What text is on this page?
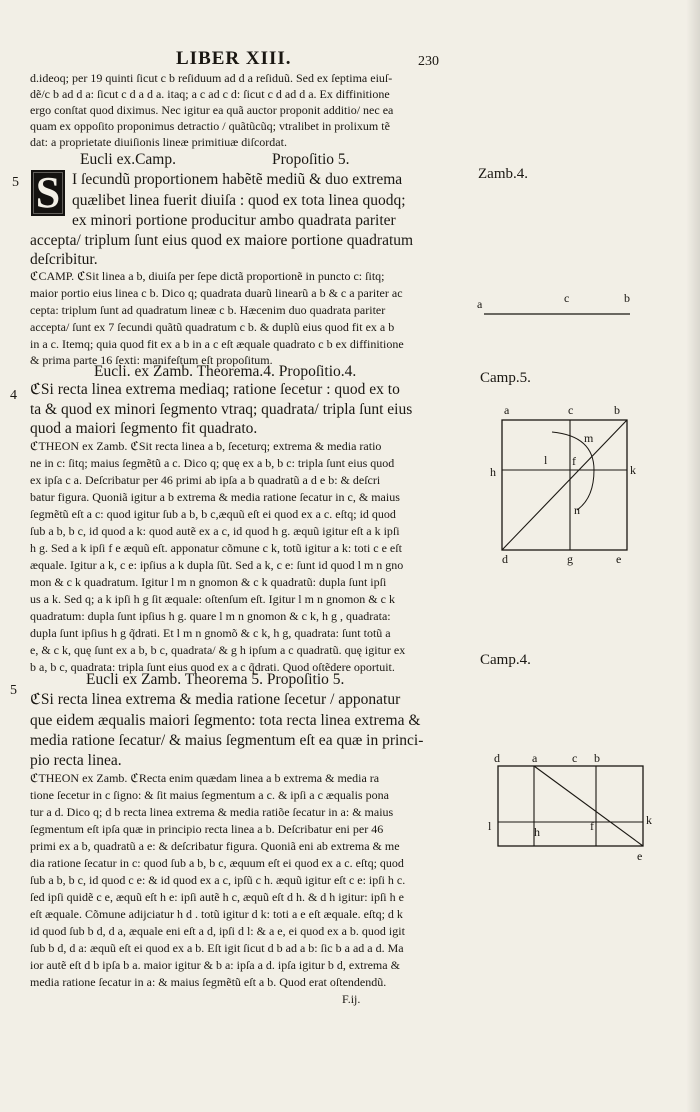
LIBER XIII.	230
d.ideoq; per 19 quinti ſicut c b reſiduum ad d a reſiduũ. Sed ex ſeptima eiuſ-
dẽ/c b ad d a: ſicut c d a d a. itaq; a c ad c d: ſicut c d ad d a. Ex diffinitione
ergo conſtat quod diximus. Nec igitur ea quã auctor proponit additio/ nec ea
quam ex oppoſito proponimus detractio / quãtũcũq; vtralibet in prolixum tẽ
dat: a proprietate diuiſionis lineæ primitiuæ diſcordat.
Eucli ex.Camp.	Propoſitio 5.
5 S I ſecundũ proportionem habẽtẽ mediũ & duo extrema
quælibet linea fuerit diuiſa : quod ex tota linea quodq;
ex minori portione producitur ambo quadrata pariter
accepta/ triplum ſunt eius quod ex maiore portione quadratum
deſcribitur.
ℭCAMP. ℭSit linea a b, diuiſa per ſepe dictã proportionẽ in puncto c: ſitq;
maior portio eius linea c b. Dico q; quadrata duarũ linearũ a b & c a pariter ac
cepta: triplum ſunt ad quadratum lineæ c b. Hæcenim duo quadrata pariter
accepta/ ſunt ex 7 ſecundi quãtũ quadratum c b. & duplũ eius quod fit ex a b
in a c. Itemq; quia quod fit ex a b in a c eſt æquale quadrato c b ex diffinitione
& prima parte 16 ſexti: manifeſtum eſt propoſitum.
Eucli. ex Zamb. Theorema.4. Propoſitio.4.
4 ℭSi recta linea extrema mediaq; ratione ſecetur : quod ex to
ta & quod ex minori ſegmento vtraq; quadrata/ tripla ſunt eius
quod a maiori ſegmento fit quadrato.
ℭTHEON ex Zamb. ℭSit recta linea a b, ſeceturq; extrema & media ratio
ne in c: ſitq; maius ſegmẽtũ a c. Dico q; quę ex a b, b c: tripla ſunt eius quod
ex ipſa c a. Deſcribatur per 46 primi ab ipſa a b quadratũ a d e b: & deſcri
batur figura. Quoniã igitur a b extrema & media ratione ſecatur in c, & maius
ſegmẽtũ eſt a c: quod igitur ſub a b, b c,æquũ eſt ei quod ex a c. eſtq; id quod
ſub a b, b c, id quod a k: quod autẽ ex a c, id quod h g. æquũ igitur eſt a k ipſi
h g. Sed a k ipſi f e æquũ eſt. apponatur cõmune c k, totũ igitur a k: toti c e eſt
æquale. Igitur a k, c e: ipſius a k dupla ſũt. Sed a k, c e: ſunt id quod l m n gno
mon & c k quadratum. Igitur l m n gnomon & c k quadratũ: dupla ſunt ipſi
us a k. Sed q; a k ipſi h g ſit æquale: oſtenſum eſt. Igitur l m n gnomon & c k
quadratum: dupla ſunt ipſius h g. quare l m n gnomon & c k, h g , quadrata:
dupla ſunt ipſius h g q̃drati. Et l m n gnomõ & c k, h g, quadrata: ſunt totũ a
e, & c k, quę ſunt ex a b, b c, quadrata/ & g h ipſum a c quadratũ. quę igitur ex
b a, b c, quadrata: tripla ſunt eius quod ex a c q̃drati. Quod oſtẽdere oportuit.
Eucli ex Zamb. Theorema 5. Propoſitio 5.
5
ℭSi recta linea extrema & media ratione ſecetur / apponatur
que eidem æqualis maiori ſegmento: tota recta linea extrema &
media ratione ſecatur/ & maius ſegmentum eſt ea quæ in princi-
pio recta linea.
ℭTHEON ex Zamb. ℭRecta enim quædam linea a b extrema & media ra
tione ſecetur in c ſigno: & ſit maius ſegmentum a c. & ipſi a c æqualis pona
tur a d. Dico q; d b recta linea extrema & media ratiõe ſecatur in a: & maius
ſegmentum eſt ipſa quæ in principio recta linea a b. Deſcribatur eni per 46
primi ex a b, quadratũ a e: & deſcribatur figura. Quoniã eni ab extrema & me
dia ratione ſecatur in c: quod ſub a b, b c, æquum eſt ei quod ex a c. eſtq; quod
ſub a b, b c, id quod c e: & id quod ex a c, ipſũ c h. æquũ igitur eſt c e: ipſi h c.
ſed ipſi quidẽ c e, æquũ eſt h e: ipſi autẽ h c, æquũ eſt d h. & d h igitur: ipſi h e
eſt æquale. Cõmune adijciatur h d . totũ igitur d k: toti a e eſt æquale. eſtq; d k
id quod ſub b d, d a, æquale eni eſt a d, ipſi d l: & a e, ei quod ex a b. quod igit
ſub b d, d a: æquũ eſt ei quod ex a b. Eſt igit ſicut d b ad a b: ſic b a ad a d. Ma
ior autẽ eſt d b ipſa b a. maior igitur & b a: ipſa a d. ipſa igitur b d, extrema &
media ratione ſecatur in a: & maius ſegmẽtũ eſt a b. Quod erat oſtendendũ.
F.ij.
Zamb.4.
Camp.5.
Camp.4.
a	c	b
a	c	b
m
l
h
f
k
n
d	g	e
d	a	c b
l	h	f	k
e
